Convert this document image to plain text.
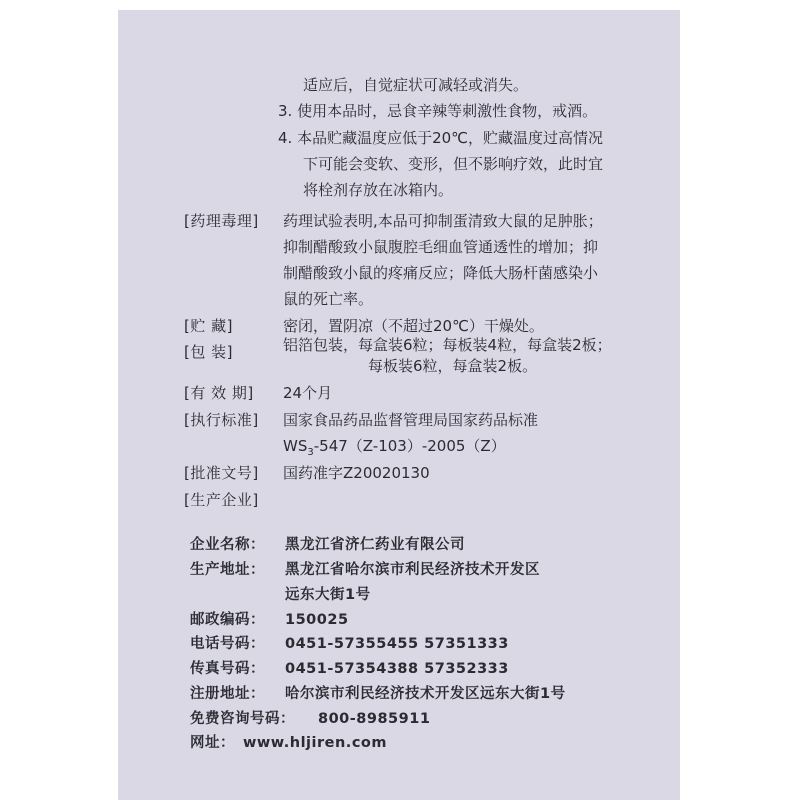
适应后，自觉症状可减轻或消失。
3. 使用本品时，忌食辛辣等刺激性食物，戒酒。
4. 本品贮藏温度应低于20℃，贮藏温度过高情况
下可能会变软、变形，但不影响疗效，此时宜
将栓剂存放在冰箱内。
[药理毒理] 药理试验表明,本品可抑制蛋清致大鼠的足肿胀；
抑制醋酸致小鼠腹腔毛细血管通透性的增加；抑
制醋酸致小鼠的疼痛反应；降低大肠杆菌感染小
鼠的死亡率。
[贮 藏]	密闭，置阴凉（不超过20℃）干燥处。
[包 装]	铝箔包装，每盒装6粒；每板装4粒，每盒装2板；
每板装6粒，每盒装2板。
[有 效 期] 24个月
[执行标准] 国家食品药品监督管理局国家药品标准
$WS_3-547(Z-103)-2005(Z)$
[批准文号] 国药准字Z20020130
[生产企业]
企业名称： 黑龙江省济仁药业有限公司
生产地址： 黑龙江省哈尔滨市利民经济技术开发区
远东大街1号
邮政编码： 150025
电话号码： 0451-57355455 57351333
传真号码： 0451-57354388 57352333
注册地址： 哈尔滨市利民经济技术开发区远东大街1号
免费咨询号码： 800-8985911
网址： www.hljiren.com
